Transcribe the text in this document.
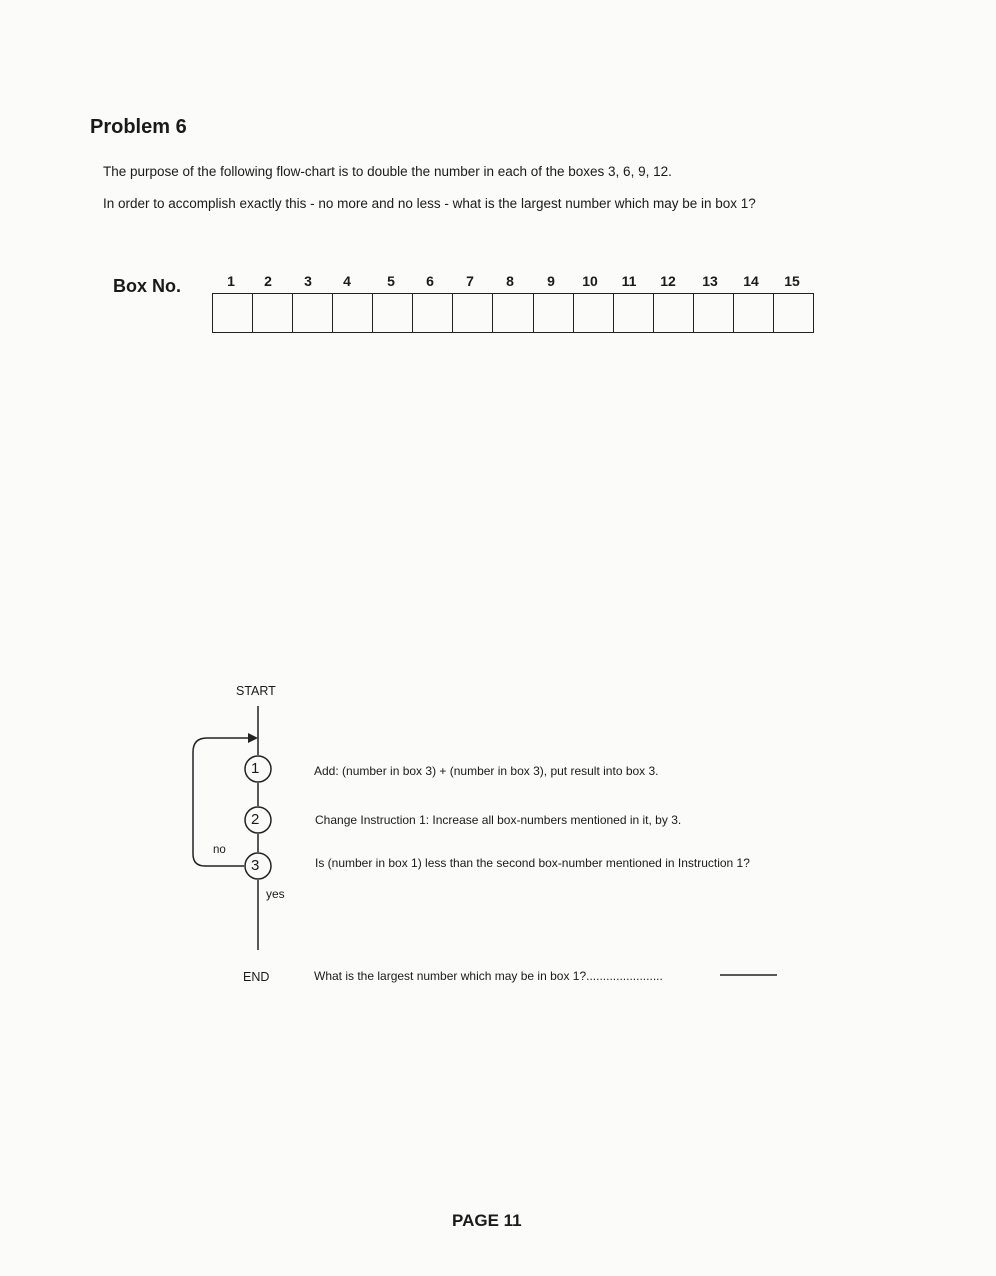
Problem 6
The purpose of the following flow-chart is to double the number in each of the boxes 3, 6, 9, 12.
In order to accomplish exactly this - no more and no less - what is the largest number which may be in box 1?
Box No.	1	2	3	4	5	6	7	8	9	10	11	12	13	14	15
START
END
no
yes
1
2
3
Add: (number in box 3) + (number in box 3), put result into box 3.
Change Instruction 1: Increase all box-numbers mentioned in it, by 3.
Is (number in box 1) less than the second box-number mentioned in Instruction 1?
What is the largest number which may be in box 1?.......................
PAGE 11
